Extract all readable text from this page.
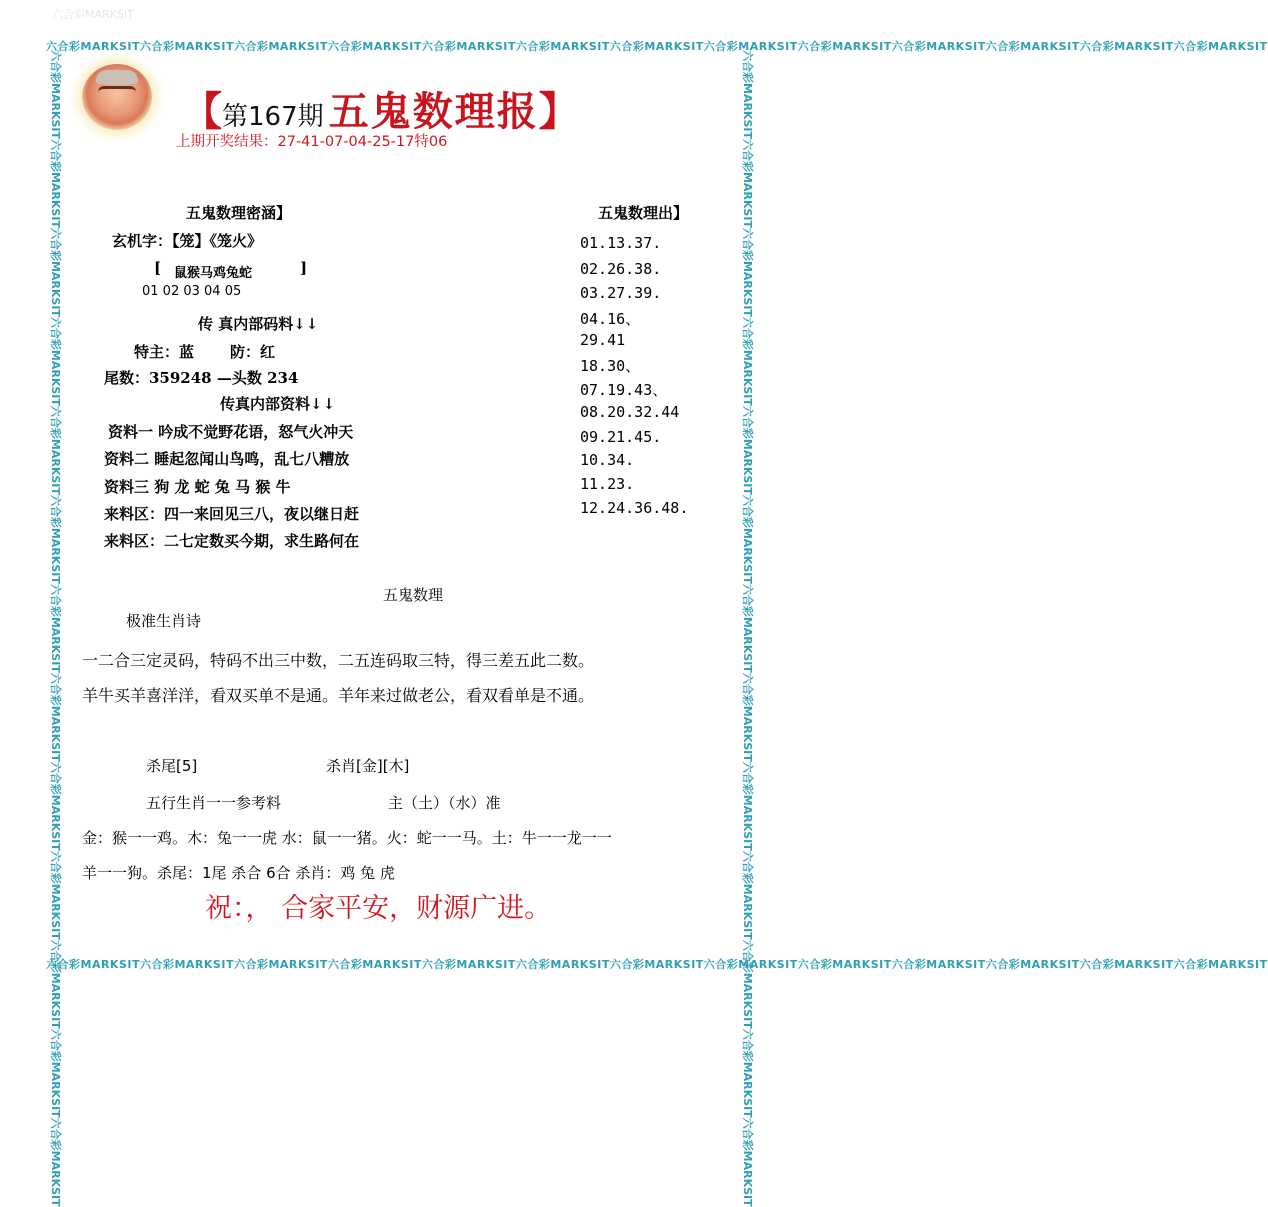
六合彩MARKSIT
六合彩MARKSIT六合彩MARKSIT六合彩MARKSIT六合彩MARKSIT六合彩MARKSIT六合彩MARKSIT六合彩MARKSIT六合彩MARKSIT六合彩MARKSIT六合彩MARKSIT六合彩MARKSIT六合彩MARKSIT六合彩MARKSIT
六合彩MARKSIT六合彩MARKSIT六合彩MARKSIT六合彩MARKSIT六合彩MARKSIT六合彩MARKSIT六合彩MARKSIT六合彩MARKSIT六合彩MARKSIT六合彩MARKSIT六合彩MARKSIT六合彩MARKSIT六合彩MARKSIT
六合彩MARKSIT六合彩MARKSIT六合彩MARKSIT六合彩MARKSIT六合彩MARKSIT六合彩MARKSIT六合彩MARKSIT六合彩MARKSIT六合彩MARKSIT六合彩MARKSIT六合彩MARKSIT六合彩MARKSIT六合彩MARKSIT	六合彩MARKSIT六合彩MARKSIT六合彩MARKSIT六合彩MARKSIT六合彩MARKSIT六合彩MARKSIT六合彩MARKSIT六合彩MARKSIT六合彩MARKSIT六合彩MARKSIT六合彩MARKSIT六合彩MARKSIT六合彩MARKSIT
【第167期 五鬼数理报】
上期开奖结果：27-41-07-04-25-17特06
五鬼数理密涵】
玄机字：【笼】《笼火》
[ 鼠猴马鸡兔蛇	]
01 02 03 04 05
传 真内部码料↓↓
特主：蓝 防：红
尾数：359248 —头数 234
传真内部资料↓↓
资料一 吟成不觉野花语，怒气火冲天
资料二 睡起忽闻山鸟鸣，乱七八糟放
资料三 狗 龙 蛇 兔 马 猴 牛
来料区：四一来回见三八，夜以继日赶
来料区：二七定数买今期，求生路何在
五鬼数理出】
01.13.37.
02.26.38.
03.27.39.
04.16、
29.41
18.30、
07.19.43、
08.20.32.44
09.21.45.
10.34.
11.23.
12.24.36.48.
五鬼数理
极准生肖诗
一二合三定灵码，特码不出三中数，二五连码取三特，得三差五此二数。
羊牛买羊喜洋洋，看双买单不是通。羊年来过做老公，看双看单是不通。
杀尾[5]	杀肖[金][木]
五行生肖一一参考料	主（土）（水）准
金：猴一一鸡。木：兔一一虎 水：鼠一一猪。火：蛇一一马。土：牛一一龙一一
羊一一狗。杀尾：1尾 杀合 6合 杀肖：鸡 兔 虎
祝：， 合家平安，财源广进。
